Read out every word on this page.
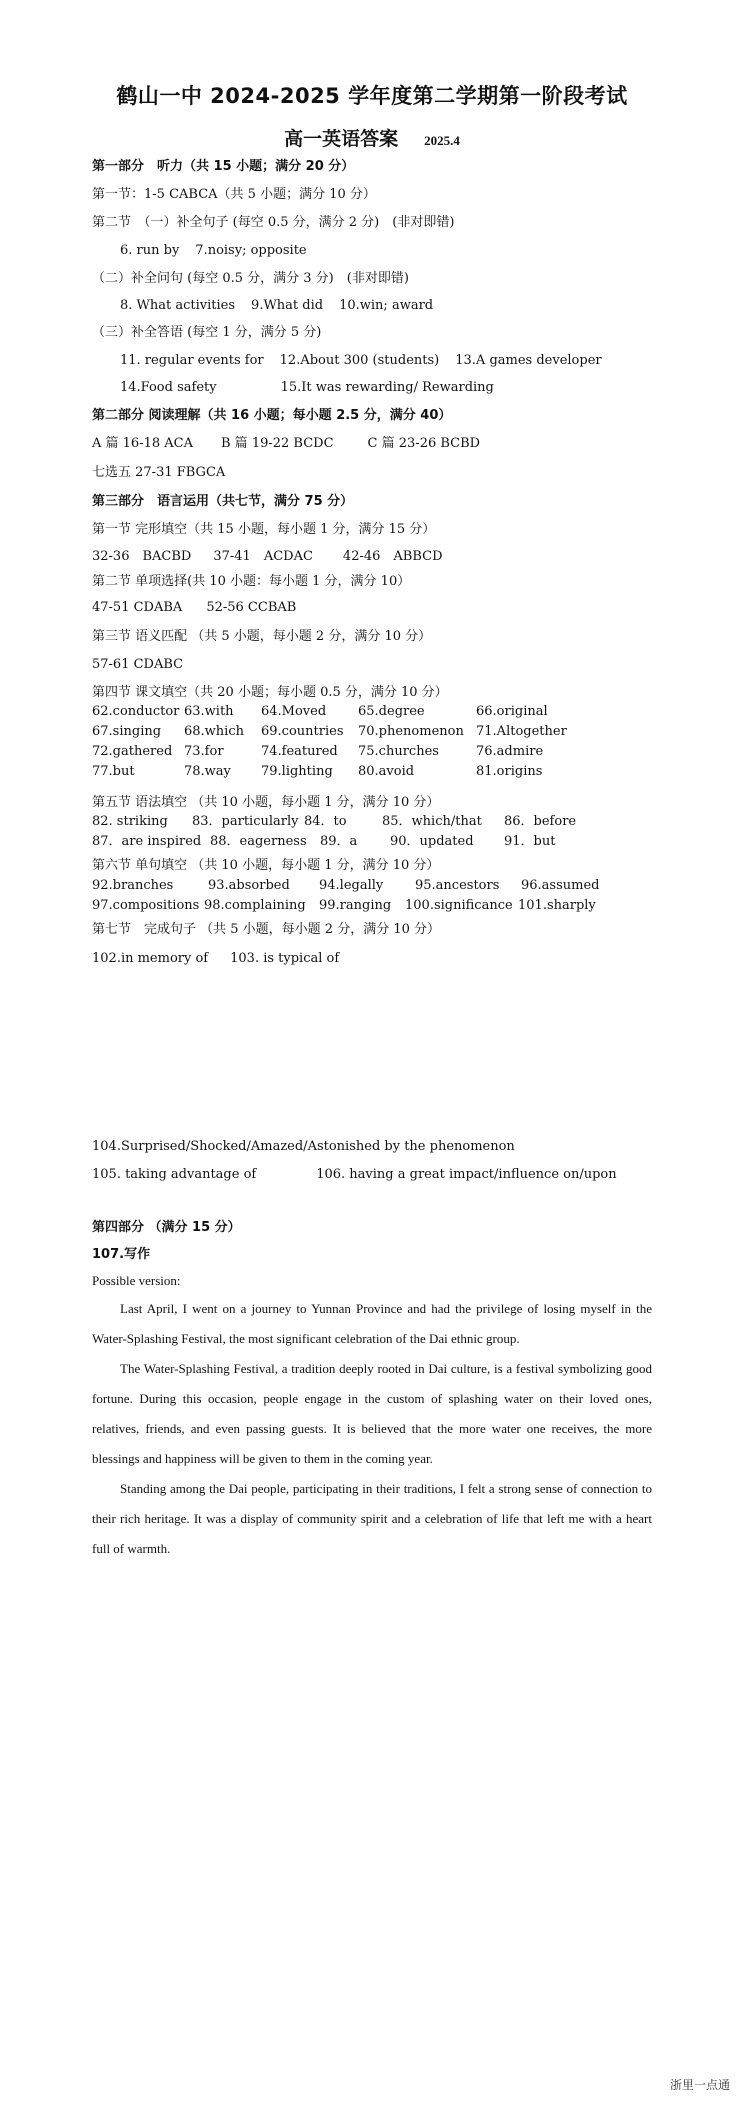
鹤山一中 2024-2025 学年度第二学期第一阶段考试
高一英语答案 2025.4
第一部分　听力（共 15 小题；满分 20 分）
第一节：1-5 CABCA（共 5 小题；满分 10 分）
第二节　（一）补全句子 (每空 0.5 分，满分 2 分)　(非对即错)
6. run by 7.noisy; opposite
（二）补全问句 (每空 0.5 分，满分 3 分)　(非对即错)
8. What activities 9.What did 10.win; award
（三）补全答语 (每空 1 分，满分 5 分)
11. regular events for 12.About 300 (students) 13.A games developer
14.Food safety	15.It was rewarding/ Rewarding
第二部分 阅读理解（共 16 小题；每小题 2.5 分，满分 40）
A 篇 16-18 ACA B 篇 19-22 BCDC	C 篇 23-26 BCBD
七选五 27-31 FBGCA
第三部分　语言运用（共七节，满分 75 分）
第一节 完形填空（共 15 小题，每小题 1 分，满分 15 分）
32-36　BACBD 37-41　ACDAC 42-46　ABBCD
第二节 单项选择(共 10 小题：每小题 1 分，满分 10）
47-51 CDABA 52-56 CCBAB
第三节 语义匹配 （共 5 小题，每小题 2 分，满分 10 分）
57-61 CDABC
第四节 课文填空（共 20 小题；每小题 0.5 分，满分 10 分）
62.conductor 63.with 64.Moved 65.degree	66.original
67.singing 68.which 69.countries 70.phenomenon 71.Altogether
72.gathered 73.for	74.featured 75.churches	76.admire
77.but	78.way 79.lighting 80.avoid	81.origins
第五节 语法填空 （共 10 小题，每小题 1 分，满分 10 分）
82. striking 83．particularly 84．to	85．which/that 86．before
87．are inspired 88．eagerness 89．a	90．updated 91．but
第六节 单句填空 （共 10 小题，每小题 1 分，满分 10 分）
92.branches	93.absorbed 94.legally 95.ancestors 96.assumed
97.compositions 98.complaining 99.ranging 100.significance 101.sharply
第七节　完成句子 （共 5 小题，每小题 2 分，满分 10 分）
102.in memory of 103. is typical of
104.Surprised/Shocked/Amazed/Astonished by the phenomenon
105. taking advantage of	106. having a great impact/influence on/upon
第四部分 （满分 15 分）
107.写作
Possible version:

Last April, I went on a journey to Yunnan Province and had the privilege of losing myself in the Water-Splashing Festival, the most significant celebration of the Dai ethnic group.

The Water-Splashing Festival, a tradition deeply rooted in Dai culture, is a festival symbolizing good fortune. During this occasion, people engage in the custom of splashing water on their loved ones, relatives, friends, and even passing guests. It is believed that the more water one receives, the more blessings and happiness will be given to them in the coming year.

Standing among the Dai people, participating in their traditions, I felt a strong sense of connection to their rich heritage. It was a display of community spirit and a celebration of life that left me with a heart full of warmth.

浙里一点通
